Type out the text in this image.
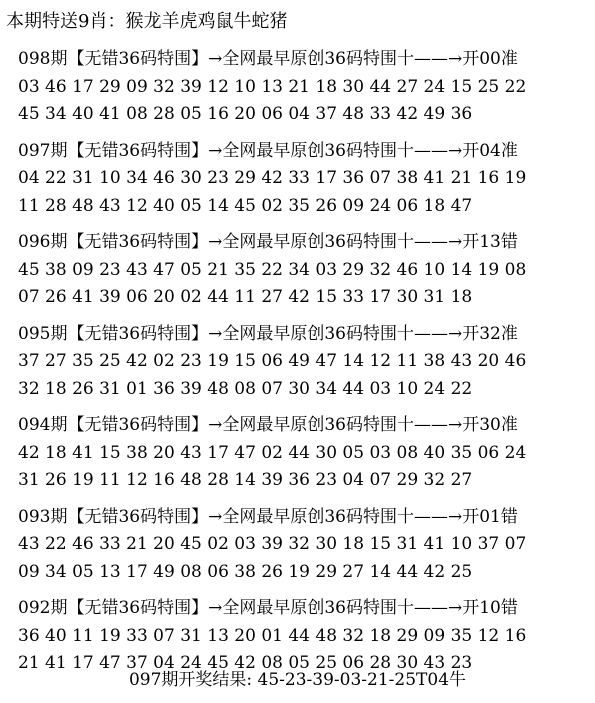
本期特送9肖：猴龙羊虎鸡鼠牛蛇猪
098期【无错36码特围】→全网最早原创36码特围十——→开00准
03 46 17 29 09 32 39 12 10 13 21 18 30 44 27 24 15 25 22
45 34 40 41 08 28 05 16 20 06 04 37 48 33 42 49 36
097期【无错36码特围】→全网最早原创36码特围十——→开04准
04 22 31 10 34 46 30 23 29 42 33 17 36 07 38 41 21 16 19
11 28 48 43 12 40 05 14 45 02 35 26 09 24 06 18 47
096期【无错36码特围】→全网最早原创36码特围十——→开13错
45 38 09 23 43 47 05 21 35 22 34 03 29 32 46 10 14 19 08
07 26 41 39 06 20 02 44 11 27 42 15 33 17 30 31 18
095期【无错36码特围】→全网最早原创36码特围十——→开32准
37 27 35 25 42 02 23 19 15 06 49 47 14 12 11 38 43 20 46
32 18 26 31 01 36 39 48 08 07 30 34 44 03 10 24 22
094期【无错36码特围】→全网最早原创36码特围十——→开30准
42 18 41 15 38 20 43 17 47 02 44 30 05 03 08 40 35 06 24
31 26 19 11 12 16 48 28 14 39 36 23 04 07 29 32 27
093期【无错36码特围】→全网最早原创36码特围十——→开01错
43 22 46 33 21 20 45 02 03 39 32 30 18 15 31 41 10 37 07
09 34 05 13 17 49 08 06 38 26 19 29 27 14 44 42 25
092期【无错36码特围】→全网最早原创36码特围十——→开10错
36 40 11 19 33 07 31 13 20 01 44 48 32 18 29 09 35 12 16
21 41 17 47 37 04 24 45 42 08 05 25 06 28 30 43 23
097期开奖结果: 45-23-39-03-21-25T04牛
